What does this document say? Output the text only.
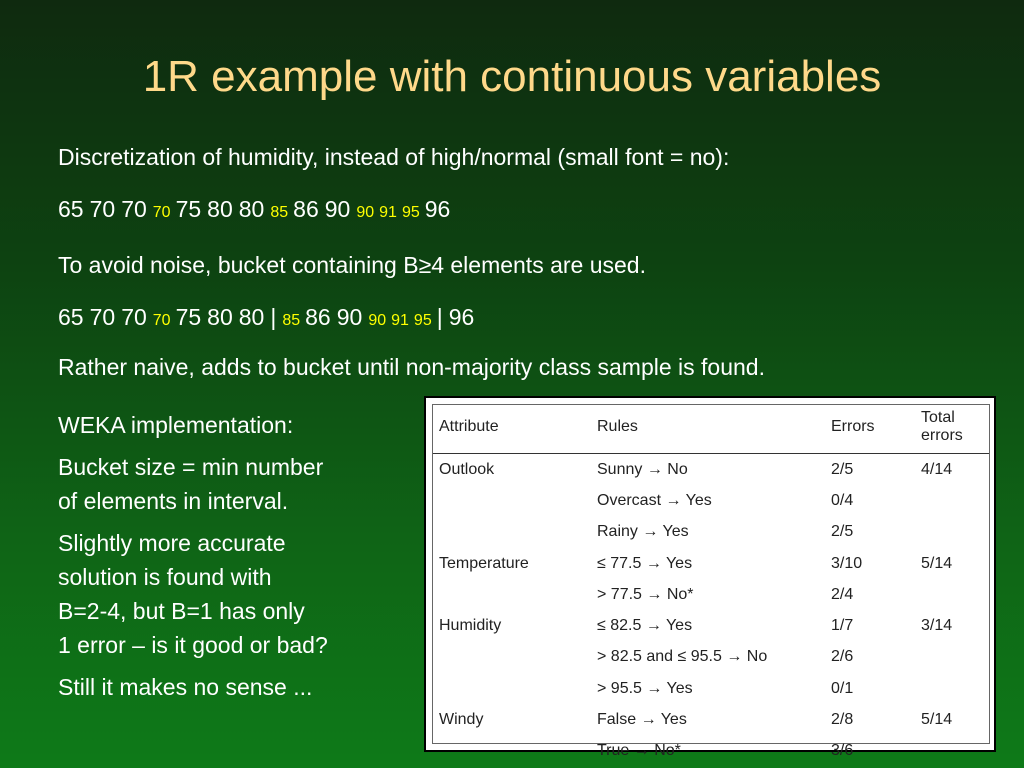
1R example with continuous variables
Discretization of humidity, instead of high/normal (small font = no):
65 70 70 70 75 80 80 85 86 90 90 91 95 96
To avoid noise, bucket containing B≥4 elements are used.
65 70 70 70 75 80 80 | 85 86 90 90 91 95 | 96
Rather naive, adds to bucket until non-majority class sample is found.

WEKA implementation:

Bucket size = min number
of elements in interval.

Slightly more accurate
solution is found with
B=2-4, but B=1 has only
1 error – is it good or bad?

Still it makes no sense ...

Attribute	Rules	Errors	Total errors
Outlook	Sunny → No	2/5	4/14
	Overcast → Yes	0/4	
	Rainy → Yes	2/5	
Temperature	≤ 77.5 → Yes	3/10	5/14
	> 77.5 → No*	2/4	
Humidity	≤ 82.5 → Yes	1/7	3/14
	> 82.5 and ≤ 95.5 → No	2/6	
	> 95.5 → Yes	0/1	
Windy	False → Yes	2/8	5/14
	True → No*	3/6	
